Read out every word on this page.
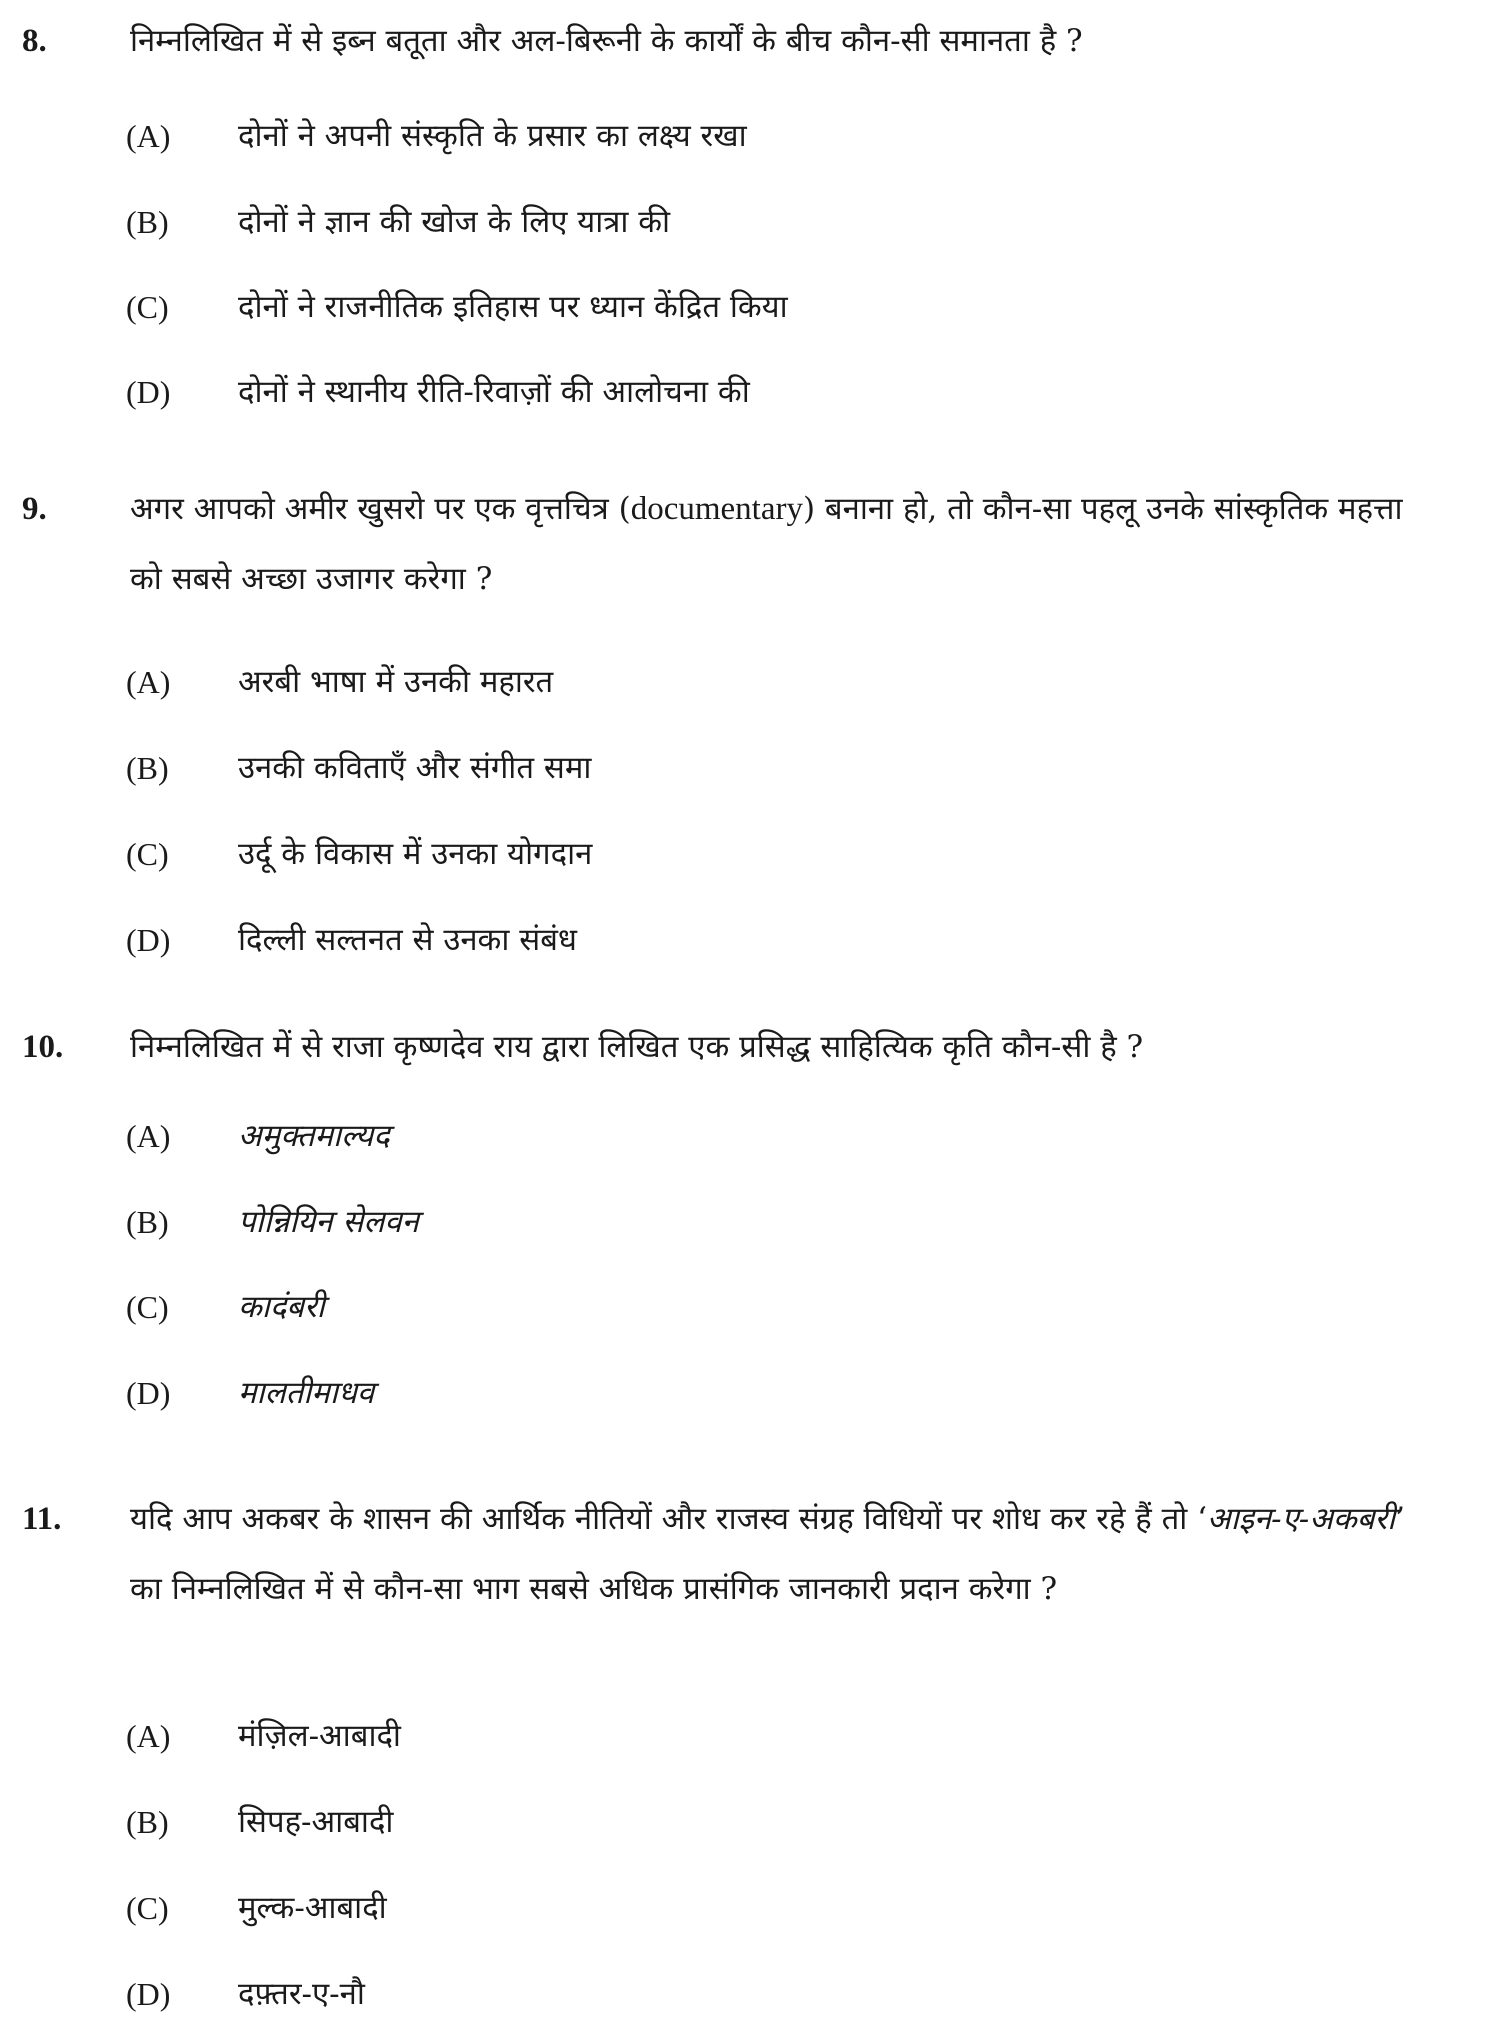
8.	निम्नलिखित में से इब्न बतूता और अल-बिरूनी के कार्यों के बीच कौन-सी समानता है ?
(A) दोनों ने अपनी संस्कृति के प्रसार का लक्ष्य रखा
(B) दोनों ने ज्ञान की खोज के लिए यात्रा की
(C) दोनों ने राजनीतिक इतिहास पर ध्यान केंद्रित किया
(D) दोनों ने स्थानीय रीति-रिवाज़ों की आलोचना की
9.	अगर आपको अमीर खुसरो पर एक वृत्तचित्र (documentary) बनाना हो, तो कौन-सा पहलू उनके सांस्कृतिक महत्ता को सबसे अच्छा उजागर करेगा ?
(A) अरबी भाषा में उनकी महारत
(B) उनकी कविताएँ और संगीत समा
(C) उर्दू के विकास में उनका योगदान
(D) दिल्ली सल्तनत से उनका संबंध
10. निम्नलिखित में से राजा कृष्णदेव राय द्वारा लिखित एक प्रसिद्ध साहित्यिक कृति कौन-सी है ?
(A) अमुक्तमाल्यद
(B) पोन्नियिन सेलवन
(C) कादंबरी
(D) मालतीमाधव
11. यदि आप अकबर के शासन की आर्थिक नीतियों और राजस्व संग्रह विधियों पर शोध कर रहे हैं तो ‘आइन-ए-अकबरी’ का निम्नलिखित में से कौन-सा भाग सबसे अधिक प्रासंगिक जानकारी प्रदान करेगा ?
(A) मंज़िल-आबादी
(B) सिपह-आबादी
(C) मुल्क-आबादी
(D) दफ़्तर-ए-नौ
